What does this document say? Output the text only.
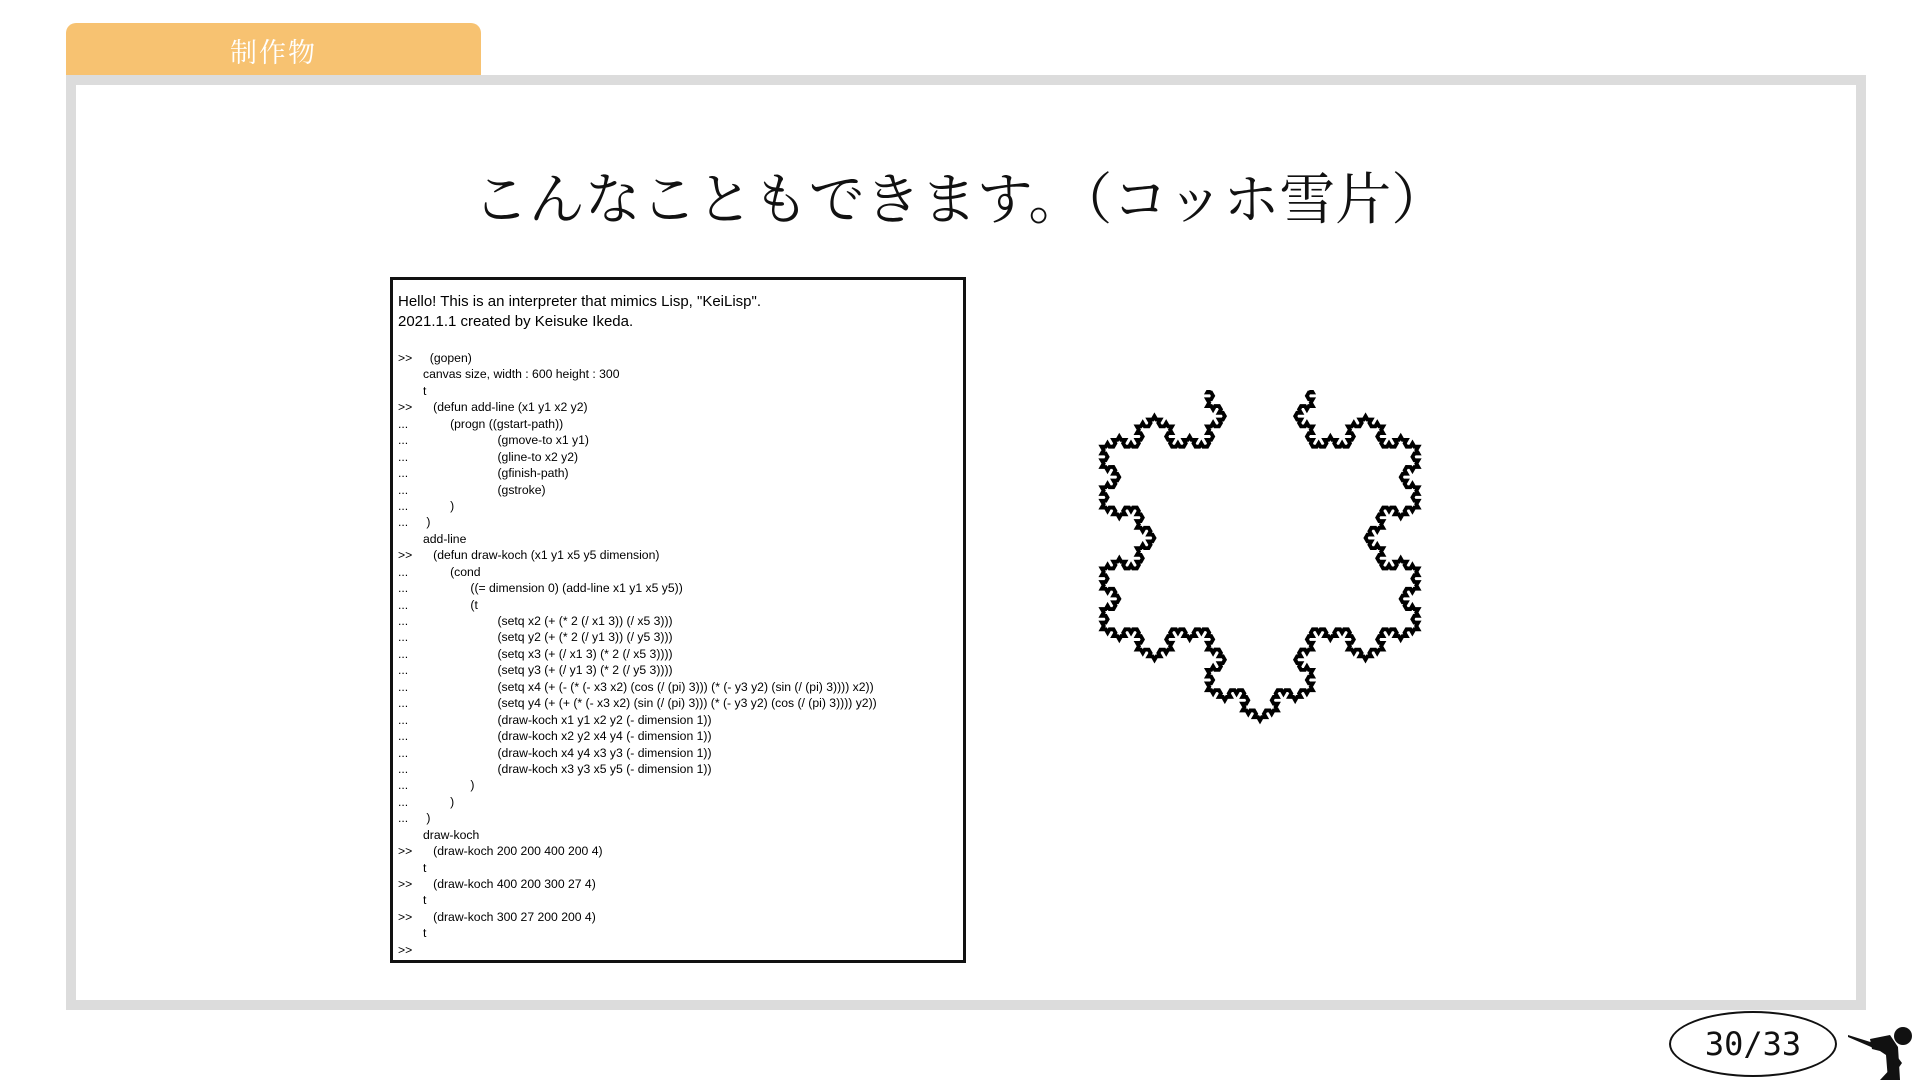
制作物
こんなこともできます。（コッホ雪片）
Hello! This is an interpreter that mimics Lisp, "KeiLisp".
2021.1.1 created by Keisuke Ikeda.
>>  (gopen)
canvas size, width : 600 height : 300
t
>>   (defun add-line (x1 y1 x2 y2)
...        (progn ((gstart-path))
...                      (gmove-to x1 y1)
...                      (gline-to x2 y2)
...                      (gfinish-path)
...                      (gstroke)
...        )
... )
add-line
>>   (defun draw-koch (x1 y1 x5 y5 dimension)
...        (cond
...              ((= dimension 0) (add-line x1 y1 x5 y5))
...              (t
...                      (setq x2 (+ (* 2 (/ x1 3)) (/ x5 3)))
...                      (setq y2 (+ (* 2 (/ y1 3)) (/ y5 3)))
...                      (setq x3 (+ (/ x1 3) (* 2 (/ x5 3))))
...                      (setq y3 (+ (/ y1 3) (* 2 (/ y5 3))))
...                      (setq x4 (+ (- (* (- x3 x2) (cos (/ (pi) 3))) (* (- y3 y2) (sin (/ (pi) 3)))) x2))
...                      (setq y4 (+ (+ (* (- x3 x2) (sin (/ (pi) 3))) (* (- y3 y2) (cos (/ (pi) 3)))) y2))
...                      (draw-koch x1 y1 x2 y2 (- dimension 1))
...                      (draw-koch x2 y2 x4 y4 (- dimension 1))
...                      (draw-koch x4 y4 x3 y3 (- dimension 1))
...                      (draw-koch x3 y3 x5 y5 (- dimension 1))
...              )
...        )
... )
draw-koch
>>   (draw-koch 200 200 400 200 4)
t
>>   (draw-koch 400 200 300 27 4)
t
>>   (draw-koch 300 27 200 200 4)
t
>>
30/33
